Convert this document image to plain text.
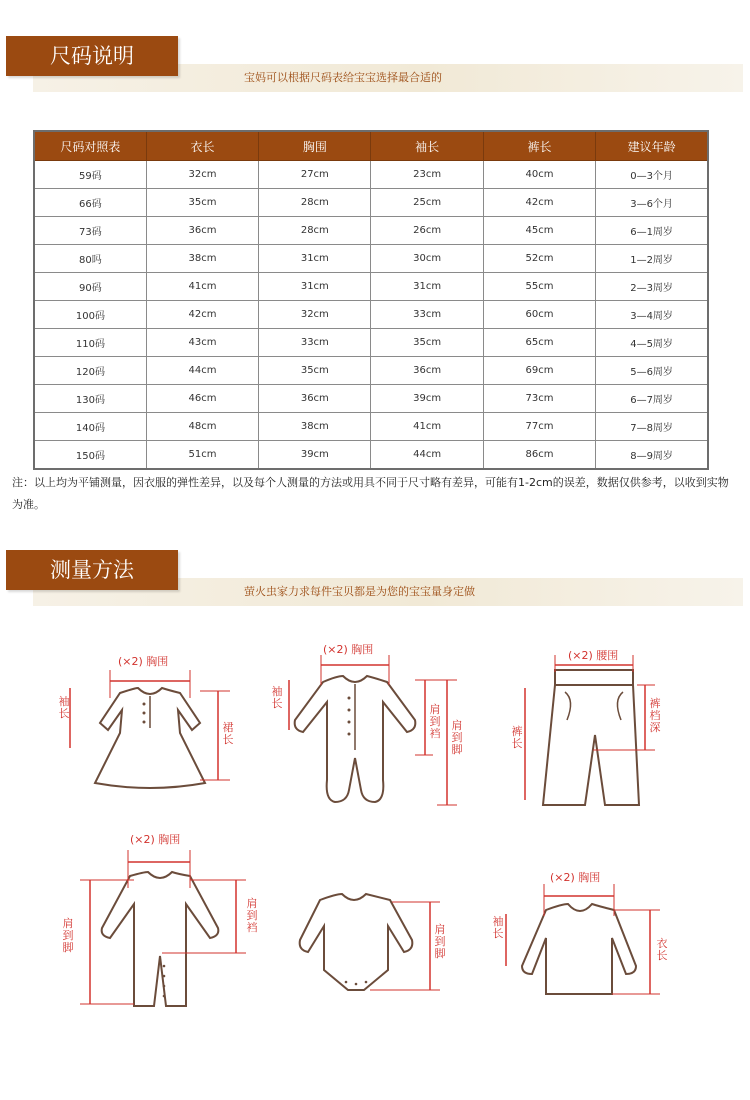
尺码说明
宝妈可以根据尺码表给宝宝选择最合适的
尺码对照表	衣长	胸围	袖长	裤长	建议年龄
59码	32cm	27cm	23cm	40cm	0—3个月
66码	35cm	28cm	25cm	42cm	3—6个月
73码	36cm	28cm	26cm	45cm	6—1周岁
80吗	38cm	31cm	30cm	52cm	1—2周岁
90码	41cm	31cm	31cm	55cm	2—3周岁
100码	42cm	32cm	33cm	60cm	3—4周岁
110码	43cm	33cm	35cm	65cm	4—5周岁
120码	44cm	35cm	36cm	69cm	5—6周岁
130码	46cm	36cm	39cm	73cm	6—7周岁
140码	48cm	38cm	41cm	77cm	7—8周岁
150码	51cm	39cm	44cm	86cm	8—9周岁
注：以上均为平铺测量，因衣服的弹性差异，以及每个人测量的方法或用具不同于尺寸略有差异，可能有1-2cm的误差，数据仅供参考，以收到实物为准。
测量方法
萤火虫家力求每件宝贝都是为您的宝宝量身定做
(×2) 胸围
袖长
裙长
(×2) 胸围
袖长	肩到裆
肩到脚
(×2) 腰围
裤长
裤档深
(×2) 胸围
肩到脚
肩到裆	肩到脚
(×2) 胸围
袖长
衣长
